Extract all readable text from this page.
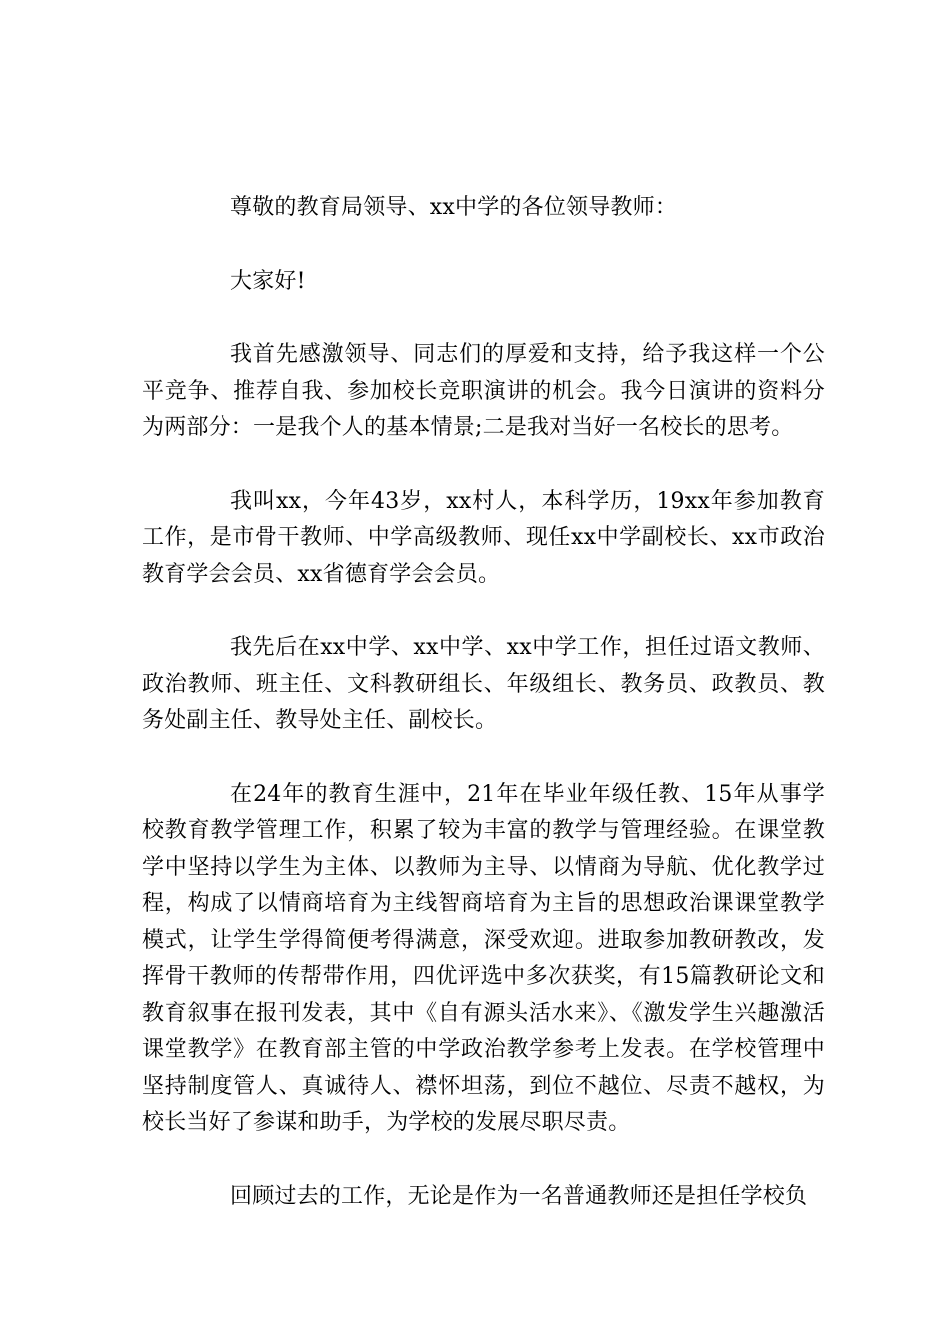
尊敬的教育局领导、xx中学的各位领导教师：

大家好!

我首先感激领导、同志们的厚爱和支持，给予我这样一个公平竞争、推荐自我、参加校长竞职演讲的机会。我今日演讲的资料分为两部分：一是我个人的基本情景;二是我对当好一名校长的思考。

我叫xx，今年43岁，xx村人，本科学历，19xx年参加教育工作，是市骨干教师、中学高级教师、现任xx中学副校长、xx市政治教育学会会员、xx省德育学会会员。

我先后在xx中学、xx中学、xx中学工作，担任过语文教师、政治教师、班主任、文科教研组长、年级组长、教务员、政教员、教务处副主任、教导处主任、副校长。

在24年的教育生涯中，21年在毕业年级任教、15年从事学校教育教学管理工作，积累了较为丰富的教学与管理经验。在课堂教学中坚持以学生为主体、以教师为主导、以情商为导航、优化教学过程，构成了以情商培育为主线智商培育为主旨的思想政治课课堂教学模式，让学生学得简便考得满意，深受欢迎。进取参加教研教改，发挥骨干教师的传帮带作用，四优评选中多次获奖，有15篇教研论文和教育叙事在报刊发表，其中《自有源头活水来》、《激发学生兴趣激活课堂教学》在教育部主管的中学政治教学参考上发表。在学校管理中坚持制度管人、真诚待人、襟怀坦荡，到位不越位、尽责不越权，为校长当好了参谋和助手，为学校的发展尽职尽责。

回顾过去的工作，无论是作为一名普通教师还是担任学校负
